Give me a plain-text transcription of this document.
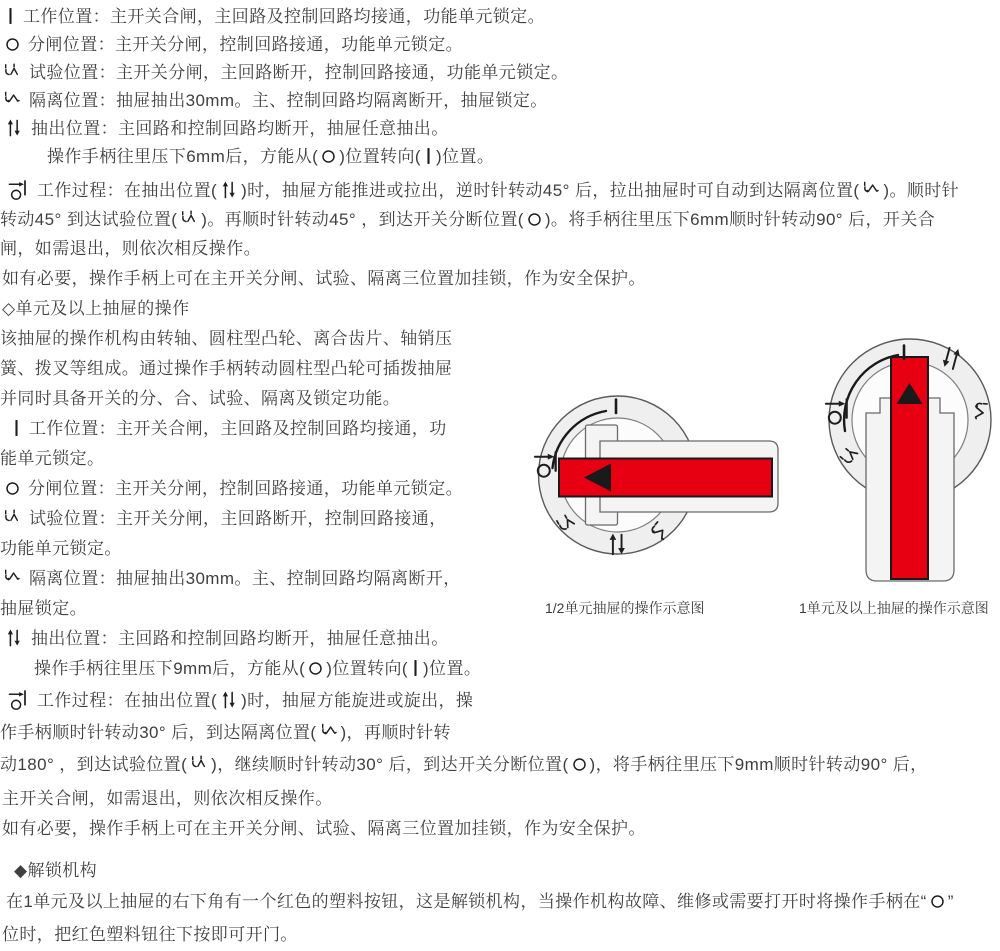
工作位置：主开关合闸，主回路及控制回路均接通，功能单元锁定。
分闸位置：主开关分闸，控制回路接通，功能单元锁定。
试验位置：主开关分闸，主回路断开，控制回路接通，功能单元锁定。
隔离位置：抽屉抽出30mm。主、控制回路均隔离断开，抽屉锁定。
抽出位置：主回路和控制回路均断开，抽屉任意抽出。
操作手柄往里压下6mm后，方能从( )位置转向( )位置。
工作过程：在抽出位置( )时，抽屉方能推进或拉出，逆时针转动45° 后，拉出抽屉时可自动到达隔离位置( )。顺时针
转动45° 到达试验位置( )。再顺时针转动45° ，到达开关分断位置( )。将手柄往里压下6mm顺时针转动90° 后，开关合
闸，如需退出，则依次相反操作。
如有必要，操作手柄上可在主开关分闸、试验、隔离三位置加挂锁，作为安全保护。
◇单元及以上抽屉的操作
该抽屉的操作机构由转轴、圆柱型凸轮、离合齿片、轴销压
簧、拨叉等组成。通过操作手柄转动圆柱型凸轮可插拨抽屉
并同时具备开关的分、合、试验、隔离及锁定功能。
工作位置：主开关合闸，主回路及控制回路均接通，功
能单元锁定。
分闸位置：主开关分闸，控制回路接通，功能单元锁定。
试验位置：主开关分闸，主回路断开，控制回路接通，
功能单元锁定。
隔离位置：抽屉抽出30mm。主、控制回路均隔离断开，
抽屉锁定。
抽出位置：主回路和控制回路均断开，抽屉任意抽出。
操作手柄往里压下9mm后，方能从( )位置转向( )位置。
工作过程：在抽出位置( )时，抽屉方能旋进或旋出，操
作手柄顺时针转动30° 后，到达隔离位置( )，再顺时针转
动180° ，到达试验位置( )，继续顺时针转动30° 后，到达开关分断位置( )，将手柄往里压下9mm顺时针转动90° 后，
主开关合闸，如需退出，则依次相反操作。
如有必要，操作手柄上可在主开关分闸、试验、隔离三位置加挂锁，作为安全保护。
◆解锁机构
在1单元及以上抽屉的右下角有一个红色的塑料按钮，这是解锁机构，当操作机构故障、维修或需要打开时将操作手柄在“ ”
位时，把红色塑料钮往下按即可开门。
1/2单元抽屉的操作示意图	1单元及以上抽屉的操作示意图
